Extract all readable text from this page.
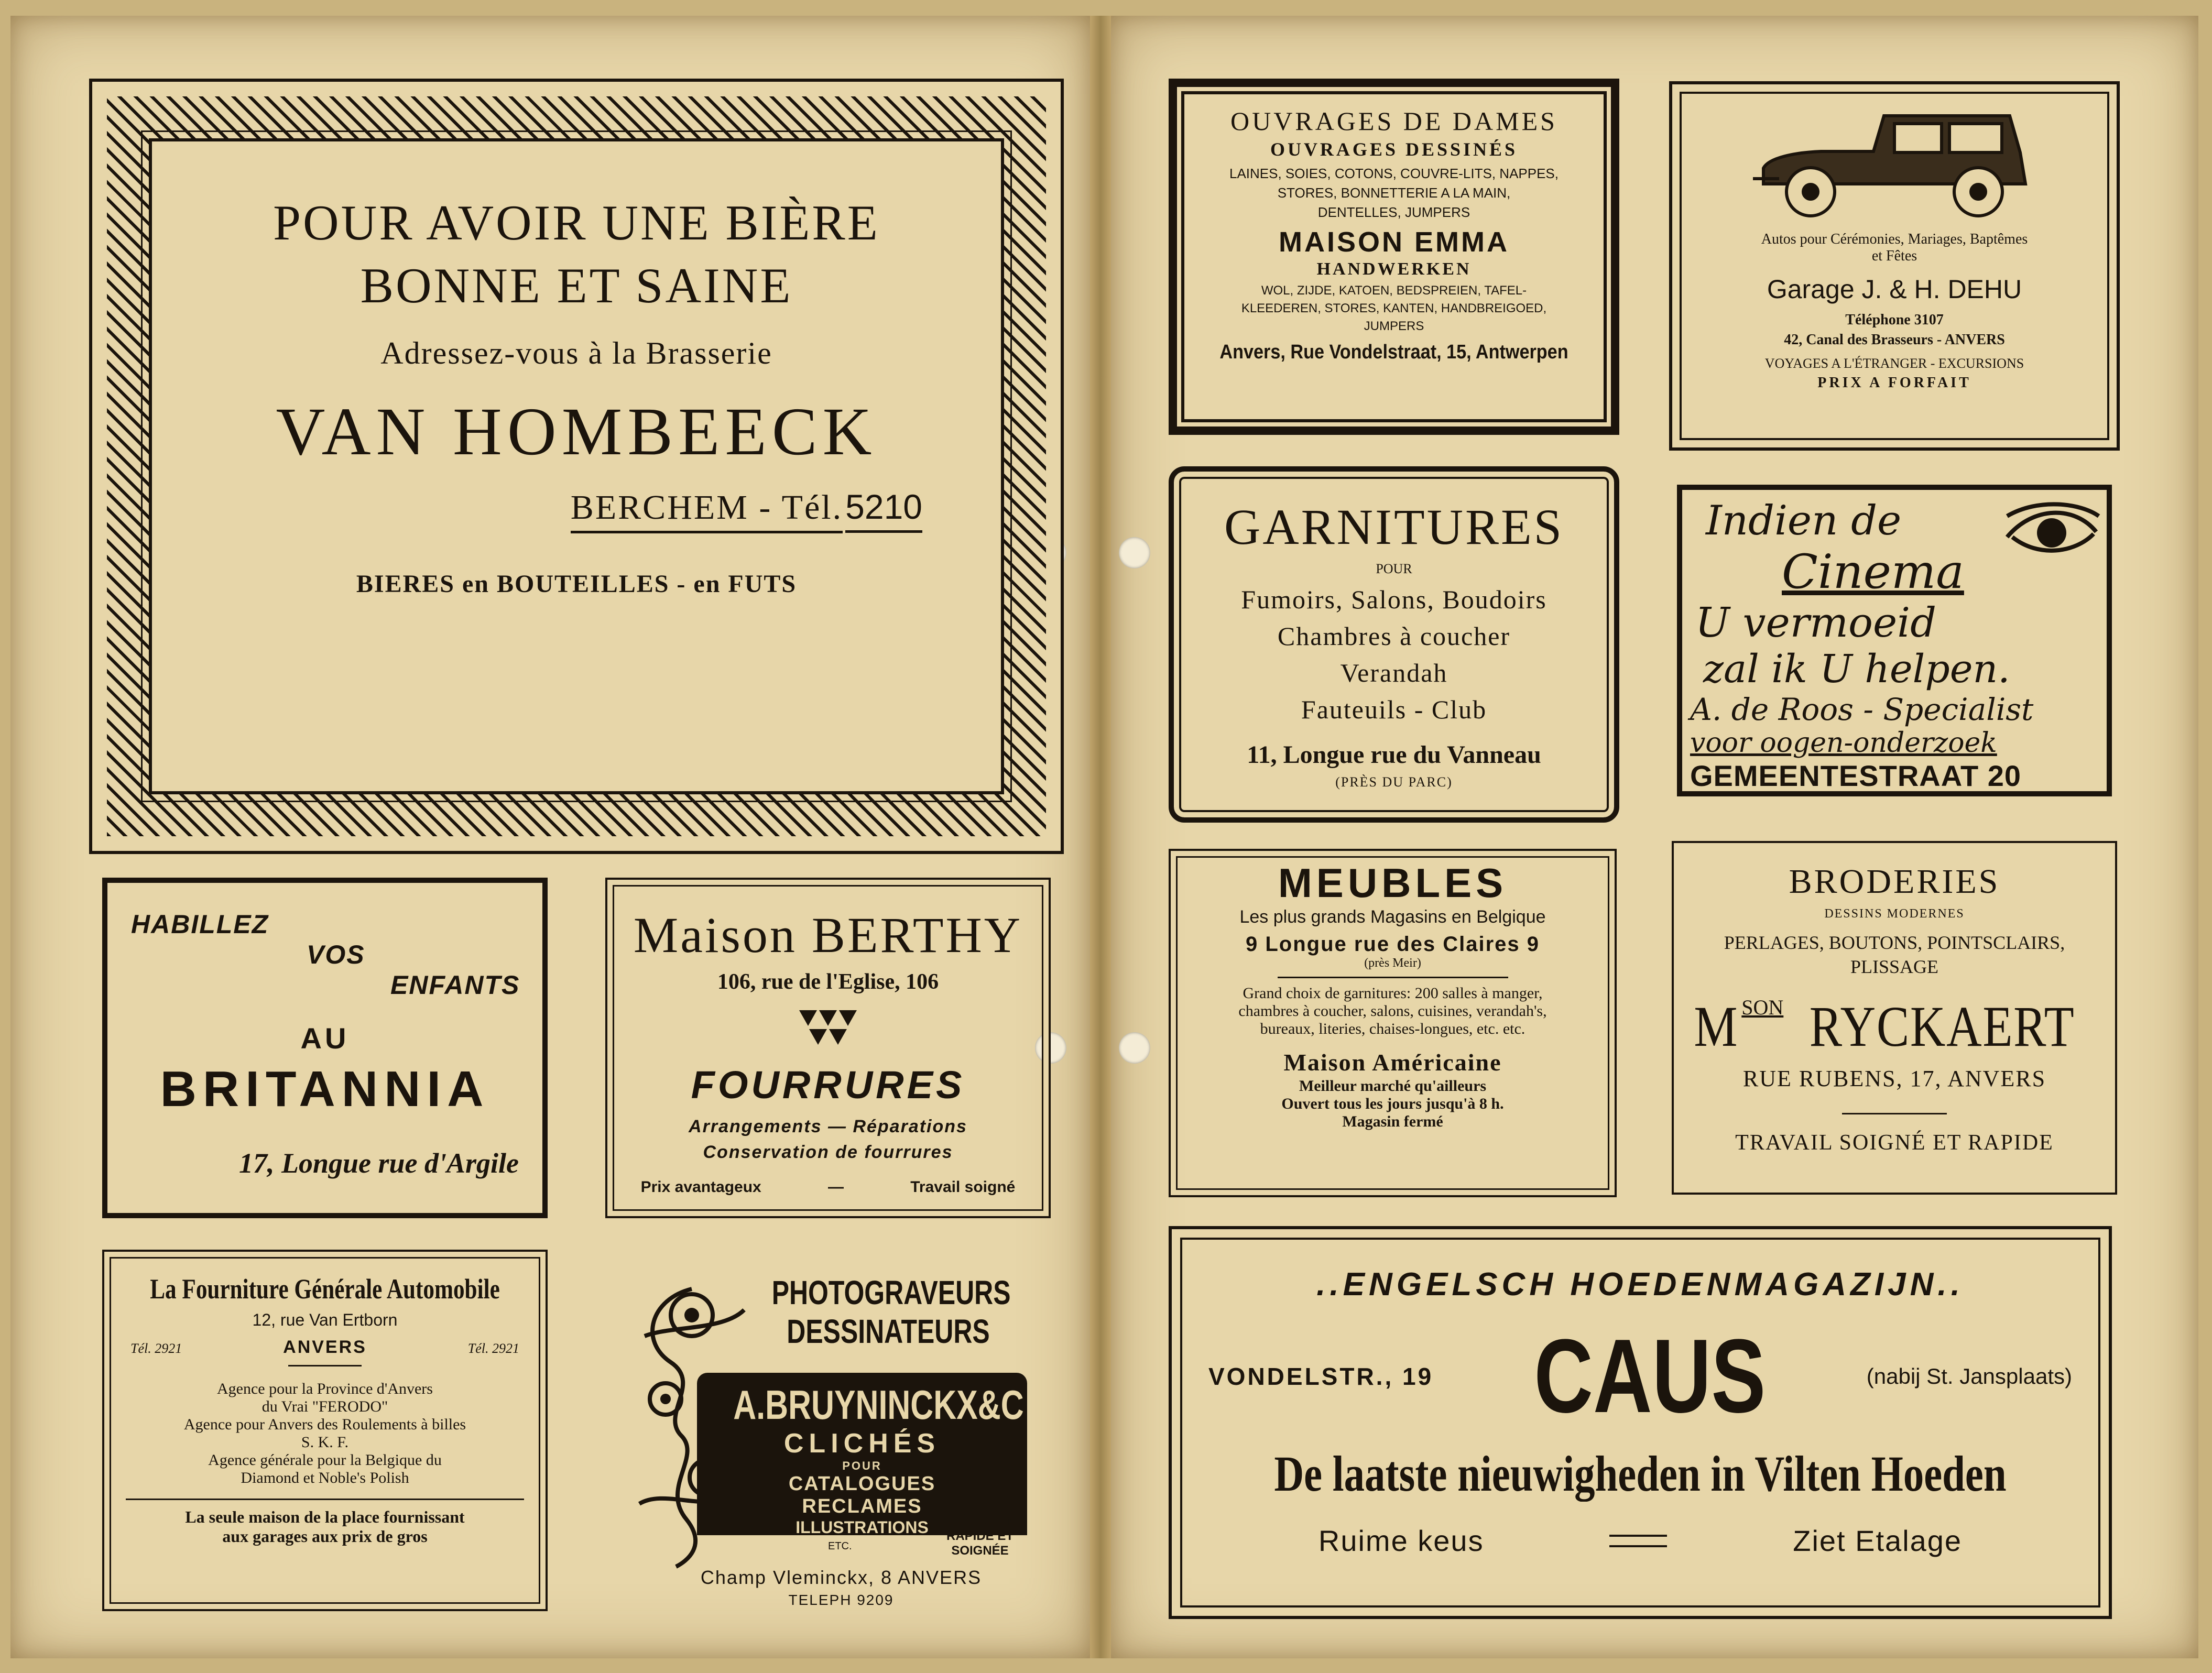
POUR AVOIR UNE BIÈRE
BONNE ET SAINE
Adressez-vous à la Brasserie
VAN HOMBEECK
BERCHEM - Tél. 5210
BIERES en BOUTEILLES - en FUTS
HABILLEZ
VOS
ENFANTS
AU
BRITANNIA
17, Longue rue d'Argile
Maison BERTHY
106, rue de l'Eglise, 106
FOURRURES
Arrangements — Réparations
Conservation de fourrures
Prix avantageux	—	Travail soigné
La Fourniture Générale Automobile
12, rue Van Ertborn
Tél. 2921	ANVERS	Tél. 2921
Agence pour la Province d'Anvers
du Vrai "FERODO"
Agence pour Anvers des Roulements à billes
S. K. F.
Agence générale pour la Belgique du
Diamond et Noble's Polish
La seule maison de la place fournissant
aux garages aux prix de gros
PHOTOGRAVEURS
DESSINATEURS
A.BRUYNINCKX&C
CLICHÉS
POUR
CATALOGUES
RECLAMES
ILLUSTRATIONS
ETC.
EXÉCUTION
RAPIDE ET
SOIGNÉE
Champ Vleminckx, 8 ANVERS
TELEPH 9209
OUVRAGES DE DAMES
OUVRAGES DESSINÉS
LAINES, SOIES, COTONS, COUVRE-LITS, NAPPES,
STORES, BONNETTERIE A LA MAIN,
DENTELLES, JUMPERS
MAISON EMMA
HANDWERKEN
WOL, ZIJDE, KATOEN, BEDSPREIEN, TAFEL-
KLEEDEREN, STORES, KANTEN, HANDBREIGOED,
JUMPERS
Anvers, Rue Vondelstraat, 15, Antwerpen
Autos pour Cérémonies, Mariages, Baptêmes
et Fêtes
Garage J. & H. DEHU
Téléphone 3107
42, Canal des Brasseurs - ANVERS
VOYAGES A L'ÉTRANGER - EXCURSIONS
PRIX A FORFAIT
GARNITURES
POUR
Fumoirs, Salons, Boudoirs
Chambres à coucher
Verandah
Fauteuils - Club
11, Longue rue du Vanneau
(PRÈS DU PARC)
Indien de
Cinema
U vermoeid
zal ik U helpen.
A. de Roos - Specialist
voor oogen-onderzoek
GEMEENTESTRAAT 20
MEUBLES
Les plus grands Magasins en Belgique
9 Longue rue des Claires 9
(près Meir)
Grand choix de garnitures: 200 salles à manger,
chambres à coucher, salons, cuisines, verandah's,
bureaux, literies, chaises-longues, etc. etc.
Maison Américaine
Meilleur marché qu'ailleurs
Ouvert tous les jours jusqu'à 8 h.
Magasin fermé
BRODERIES
DESSINS MODERNES
PERLAGES, BOUTONS, POINTSCLAIRS,
PLISSAGE
MSON RYCKAERT
RUE RUBENS, 17, ANVERS
TRAVAIL SOIGNÉ ET RAPIDE
..ENGELSCH HOEDENMAGAZIJN..
VONDELSTR., 19 CAUS	(nabij St. Jansplaats)
De laatste nieuwigheden in Vilten Hoeden
Ruime keus	Ziet Etalage
